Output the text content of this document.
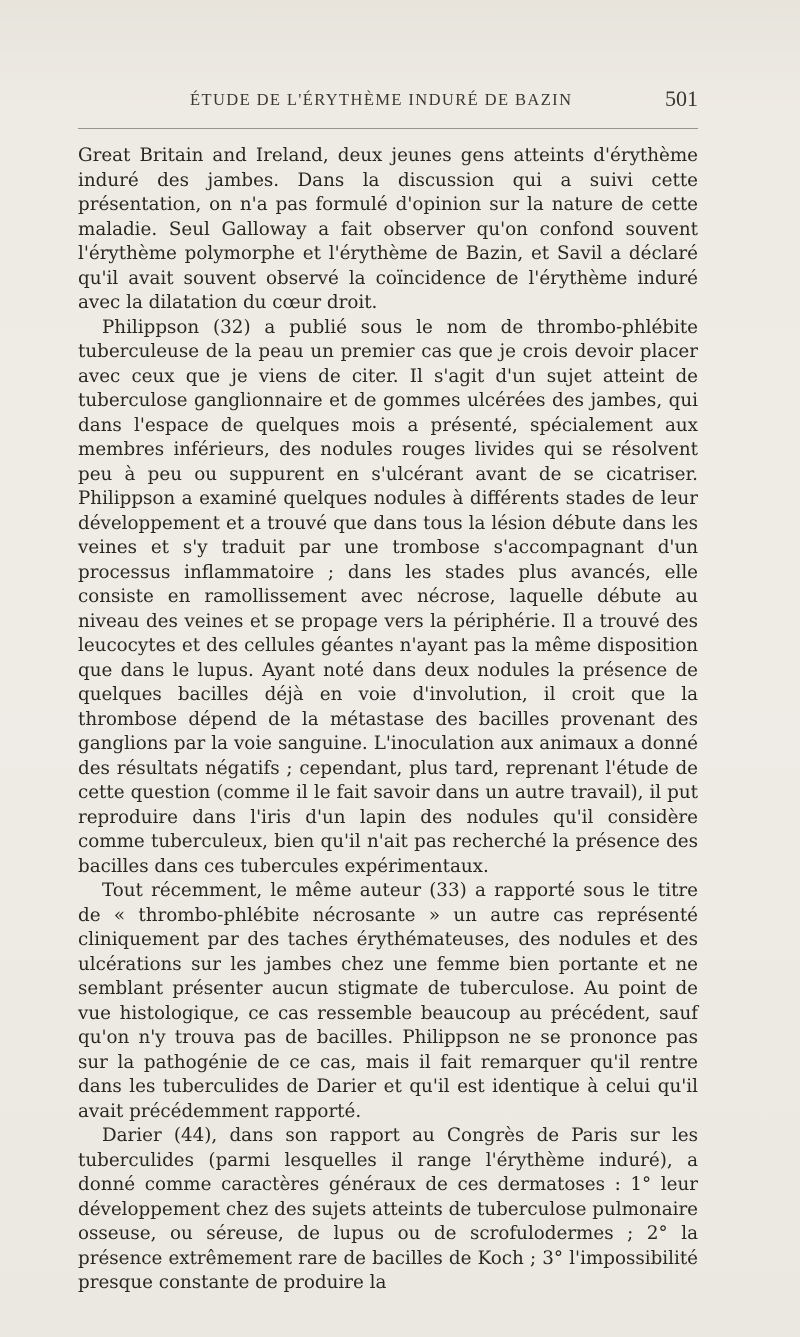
ÉTUDE DE L'ÉRYTHÈME INDURÉ DE BAZIN	501

Great Britain and Ireland, deux jeunes gens atteints d'érythème induré des jambes. Dans la discussion qui a suivi cette présentation, on n'a pas formulé d'opinion sur la nature de cette maladie. Seul Galloway a fait observer qu'on confond souvent l'érythème polymorphe et l'érythème de Bazin, et Savil a déclaré qu'il avait souvent observé la coïncidence de l'érythème induré avec la dilatation du cœur droit.

Philippson (32) a publié sous le nom de thrombo-phlébite tuberculeuse de la peau un premier cas que je crois devoir placer avec ceux que je viens de citer. Il s'agit d'un sujet atteint de tuberculose ganglionnaire et de gommes ulcérées des jambes, qui dans l'espace de quelques mois a présenté, spécialement aux membres inférieurs, des nodules rouges livides qui se résolvent peu à peu ou suppurent en s'ulcérant avant de se cicatriser. Philippson a examiné quelques nodules à différents stades de leur développement et a trouvé que dans tous la lésion débute dans les veines et s'y traduit par une trombose s'accompagnant d'un processus inflammatoire ; dans les stades plus avancés, elle consiste en ramollissement avec nécrose, laquelle débute au niveau des veines et se propage vers la périphérie. Il a trouvé des leucocytes et des cellules géantes n'ayant pas la même disposition que dans le lupus. Ayant noté dans deux nodules la présence de quelques bacilles déjà en voie d'involution, il croit que la thrombose dépend de la métastase des bacilles provenant des ganglions par la voie sanguine. L'inoculation aux animaux a donné des résultats négatifs ; cependant, plus tard, reprenant l'étude de cette question (comme il le fait savoir dans un autre travail), il put reproduire dans l'iris d'un lapin des nodules qu'il considère comme tuberculeux, bien qu'il n'ait pas recherché la présence des bacilles dans ces tubercules expérimentaux.

Tout récemment, le même auteur (33) a rapporté sous le titre de « thrombo-phlébite nécrosante » un autre cas représenté cliniquement par des taches érythémateuses, des nodules et des ulcérations sur les jambes chez une femme bien portante et ne semblant présenter aucun stigmate de tuberculose. Au point de vue histologique, ce cas ressemble beaucoup au précédent, sauf qu'on n'y trouva pas de bacilles. Philippson ne se prononce pas sur la pathogénie de ce cas, mais il fait remarquer qu'il rentre dans les tuberculides de Darier et qu'il est identique à celui qu'il avait précédemment rapporté.

Darier (44), dans son rapport au Congrès de Paris sur les tuberculides (parmi lesquelles il range l'érythème induré), a donné comme caractères généraux de ces dermatoses : 1° leur développement chez des sujets atteints de tuberculose pulmonaire osseuse, ou séreuse, de lupus ou de scrofulodermes ; 2° la présence extrêmement rare de bacilles de Koch ; 3° l'impossibilité presque constante de produire la
